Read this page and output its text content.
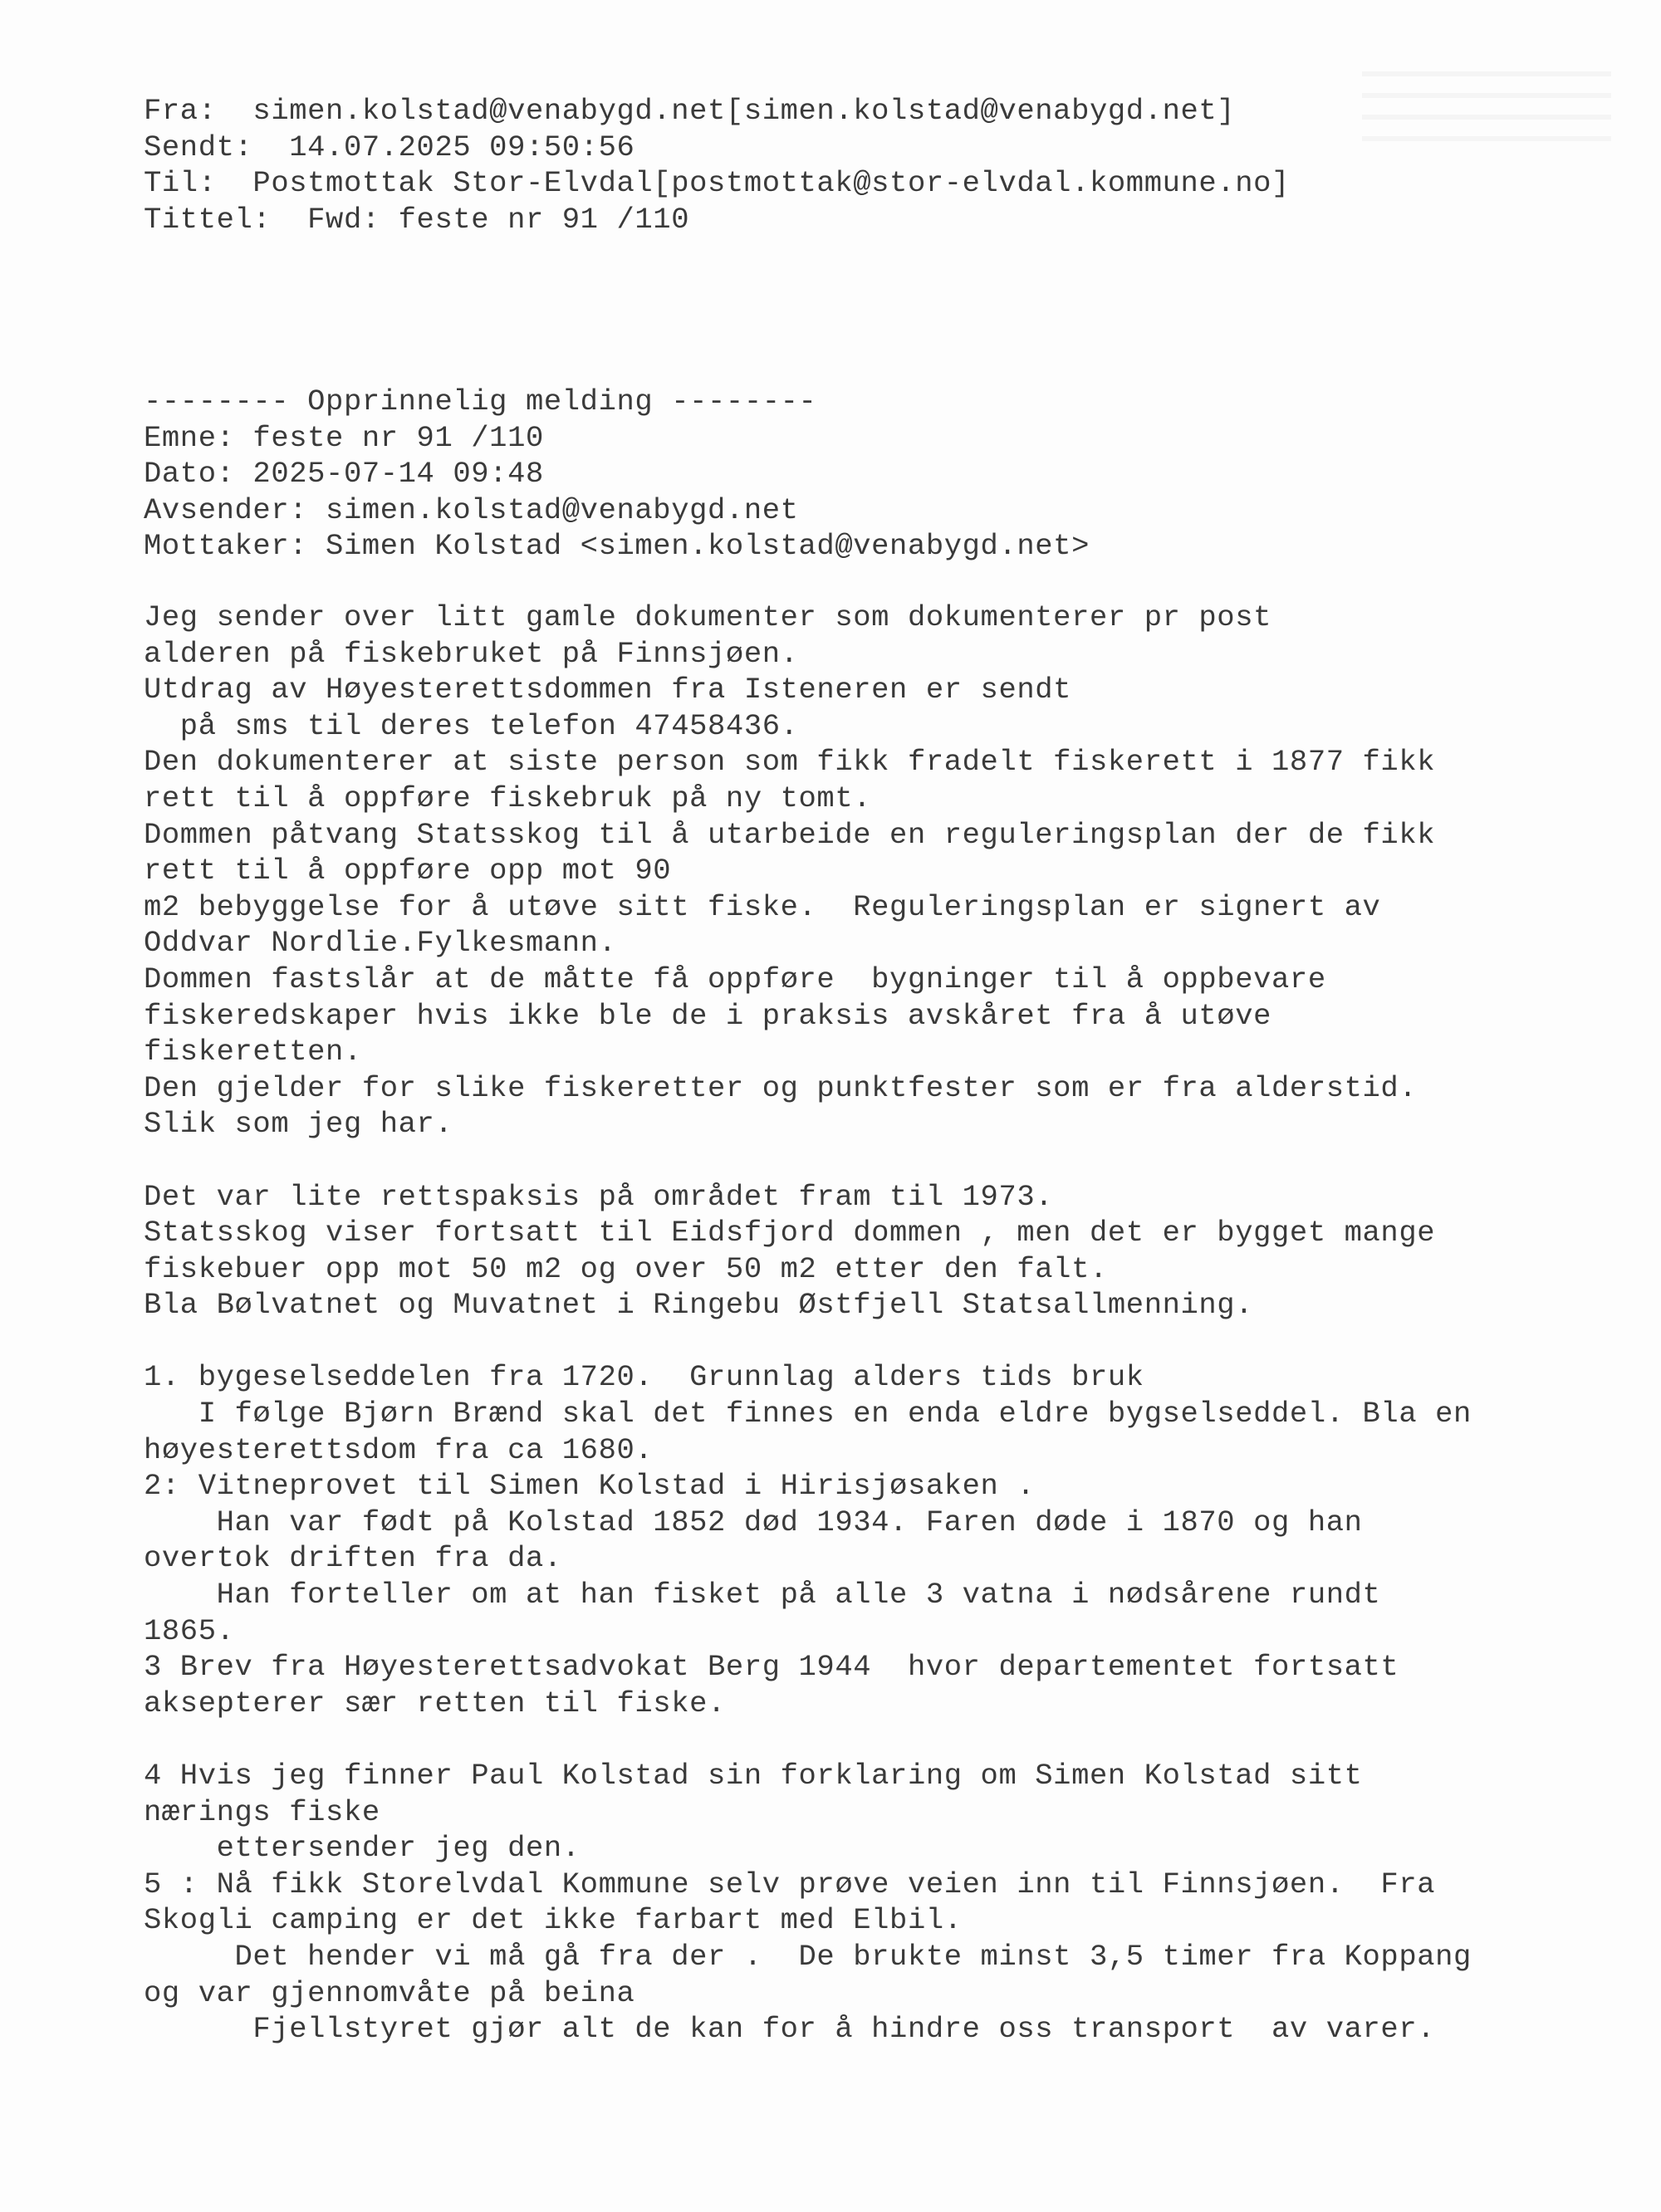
Fra:  simen.kolstad@venabygd.net[simen.kolstad@venabygd.net]

Sendt:  14.07.2025 09:50:56

Til:  Postmottak Stor-Elvdal[postmottak@stor-elvdal.kommune.no]

Tittel:  Fwd: feste nr 91 /110

-------- Opprinnelig melding --------

Emne: feste nr 91 /110

Dato: 2025-07-14 09:48

Avsender: simen.kolstad@venabygd.net

Mottaker: Simen Kolstad <simen.kolstad@venabygd.net>

Jeg sender over litt gamle dokumenter som dokumenterer pr post

alderen på fiskebruket på Finnsjøen.

Utdrag av Høyesterettsdommen fra Isteneren er sendt

på sms til deres telefon 47458436.

Den dokumenterer at siste person som fikk fradelt fiskerett i 1877 fikk

rett til å oppføre fiskebruk på ny tomt.

Dommen påtvang Statsskog til å utarbeide en reguleringsplan der de fikk

rett til å oppføre opp mot 90

m2 bebyggelse for å utøve sitt fiske.  Reguleringsplan er signert av

Oddvar Nordlie.Fylkesmann.

Dommen fastslår at de måtte få oppføre  bygninger til å oppbevare

fiskeredskaper hvis ikke ble de i praksis avskåret fra å utøve

fiskeretten.

Den gjelder for slike fiskeretter og punktfester som er fra alderstid.

Slik som jeg har.

Det var lite rettspaksis på området fram til 1973.

Statsskog viser fortsatt til Eidsfjord dommen , men det er bygget mange

fiskebuer opp mot 50 m2 og over 50 m2 etter den falt.

Bla Bølvatnet og Muvatnet i Ringebu Østfjell Statsallmenning.

1. bygeselseddelen fra 1720.  Grunnlag alders tids bruk

I følge Bjørn Brænd skal det finnes en enda eldre bygselseddel. Bla en

høyesterettsdom fra ca 1680.

2: Vitneprovet til Simen Kolstad i Hirisjøsaken .

Han var født på Kolstad 1852 død 1934. Faren døde i 1870 og han

overtok driften fra da.

Han forteller om at han fisket på alle 3 vatna i nødsårene rundt

1865.

3 Brev fra Høyesterettsadvokat Berg 1944  hvor departementet fortsatt

aksepterer sær retten til fiske.

4 Hvis jeg finner Paul Kolstad sin forklaring om Simen Kolstad sitt

nærings fiske

ettersender jeg den.

5 : Nå fikk Storelvdal Kommune selv prøve veien inn til Finnsjøen.  Fra

Skogli camping er det ikke farbart med Elbil.

Det hender vi må gå fra der .  De brukte minst 3,5 timer fra Koppang

og var gjennomvåte på beina

Fjellstyret gjør alt de kan for å hindre oss transport  av varer.
